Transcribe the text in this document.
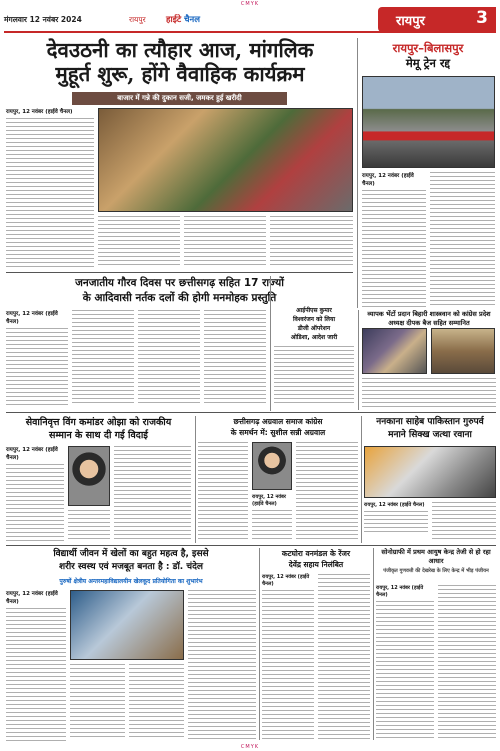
CMYK
मंगलवार 12 नवंबर 2024	रायपुर हाईटे चैनल	रायपुर	3
देवउठनी का त्यौहार आज, मांगलिक
मुहूर्त शुरू, होंगे वैवाहिक कार्यक्रम
बाजार में गन्ने की दुकान सजी, जमकर हुई खरीदी
रायपुर, 12 नवंबर (हाईवे चैनल)
रायपुर–बिलासपुर
मेमू ट्रेन रद्द
रायपुर, 12 नवंबर (हाईवे चैनल)
जनजातीय गौरव दिवस पर छत्तीसगढ़ सहित 17 राज्यों
के आदिवासी नर्तक दलों की होगी मनमोहक प्रस्तुति
रायपुर, 12 नवंबर (हाईवे चैनल)
आईपीएस कुमार
विश्वरंजन को लिया
डीजी ऑपरेशन
ओडिशा, आदेश जारी
व्यापक भेंटों प्रदान बिहारी शास्त्रवान को कांग्रेस प्रदेश अध्यक्ष दीपक बैज सहित सम्मानित
सेवानिवृत्त विंग कमांडर ओझा को राजकीय
सम्मान के साथ दी गई विदाई
रायपुर, 12 नवंबर (हाईवे चैनल)
छत्तीसगढ़ अग्रवाल समाज कांग्रेस
के समर्थन में: सुशील सन्नी अग्रवाल
रायपुर, 12 नवंबर (हाईवे चैनल)
ननकाना साहेब पाकिस्तान गुरुपर्व
मनाने सिक्ख जत्था रवाना
रायपुर, 12 नवंबर (हाईवे चैनल)
विद्यार्थी जीवन में खेलों का बहुत महत्व है, इससे
शरीर स्वस्थ एवं मजबूत बनता है : डॉ. चंदेल
पुरुषों क्षेत्रीय अन्तरमहाविद्यालयीन खेलकूद प्रतियोगिता का शुभारंभ
रायपुर, 12 नवंबर (हाईवे चैनल)
कटघोरा वनमंडल के रेंजर
देवेंद्र सहाय निलंबित
रायपुर, 12 नवंबर (हाईवे चैनल)
सोनोग्राफी में प्रथम आयुष केन्द्र तेजी से हो रहा आधार
पंजीकृत गुणवत्ती की देखरेख के लिए केन्द्र में भीड़ पंजीयन
रायपुर, 12 नवंबर (हाईवे चैनल)
CMYK
